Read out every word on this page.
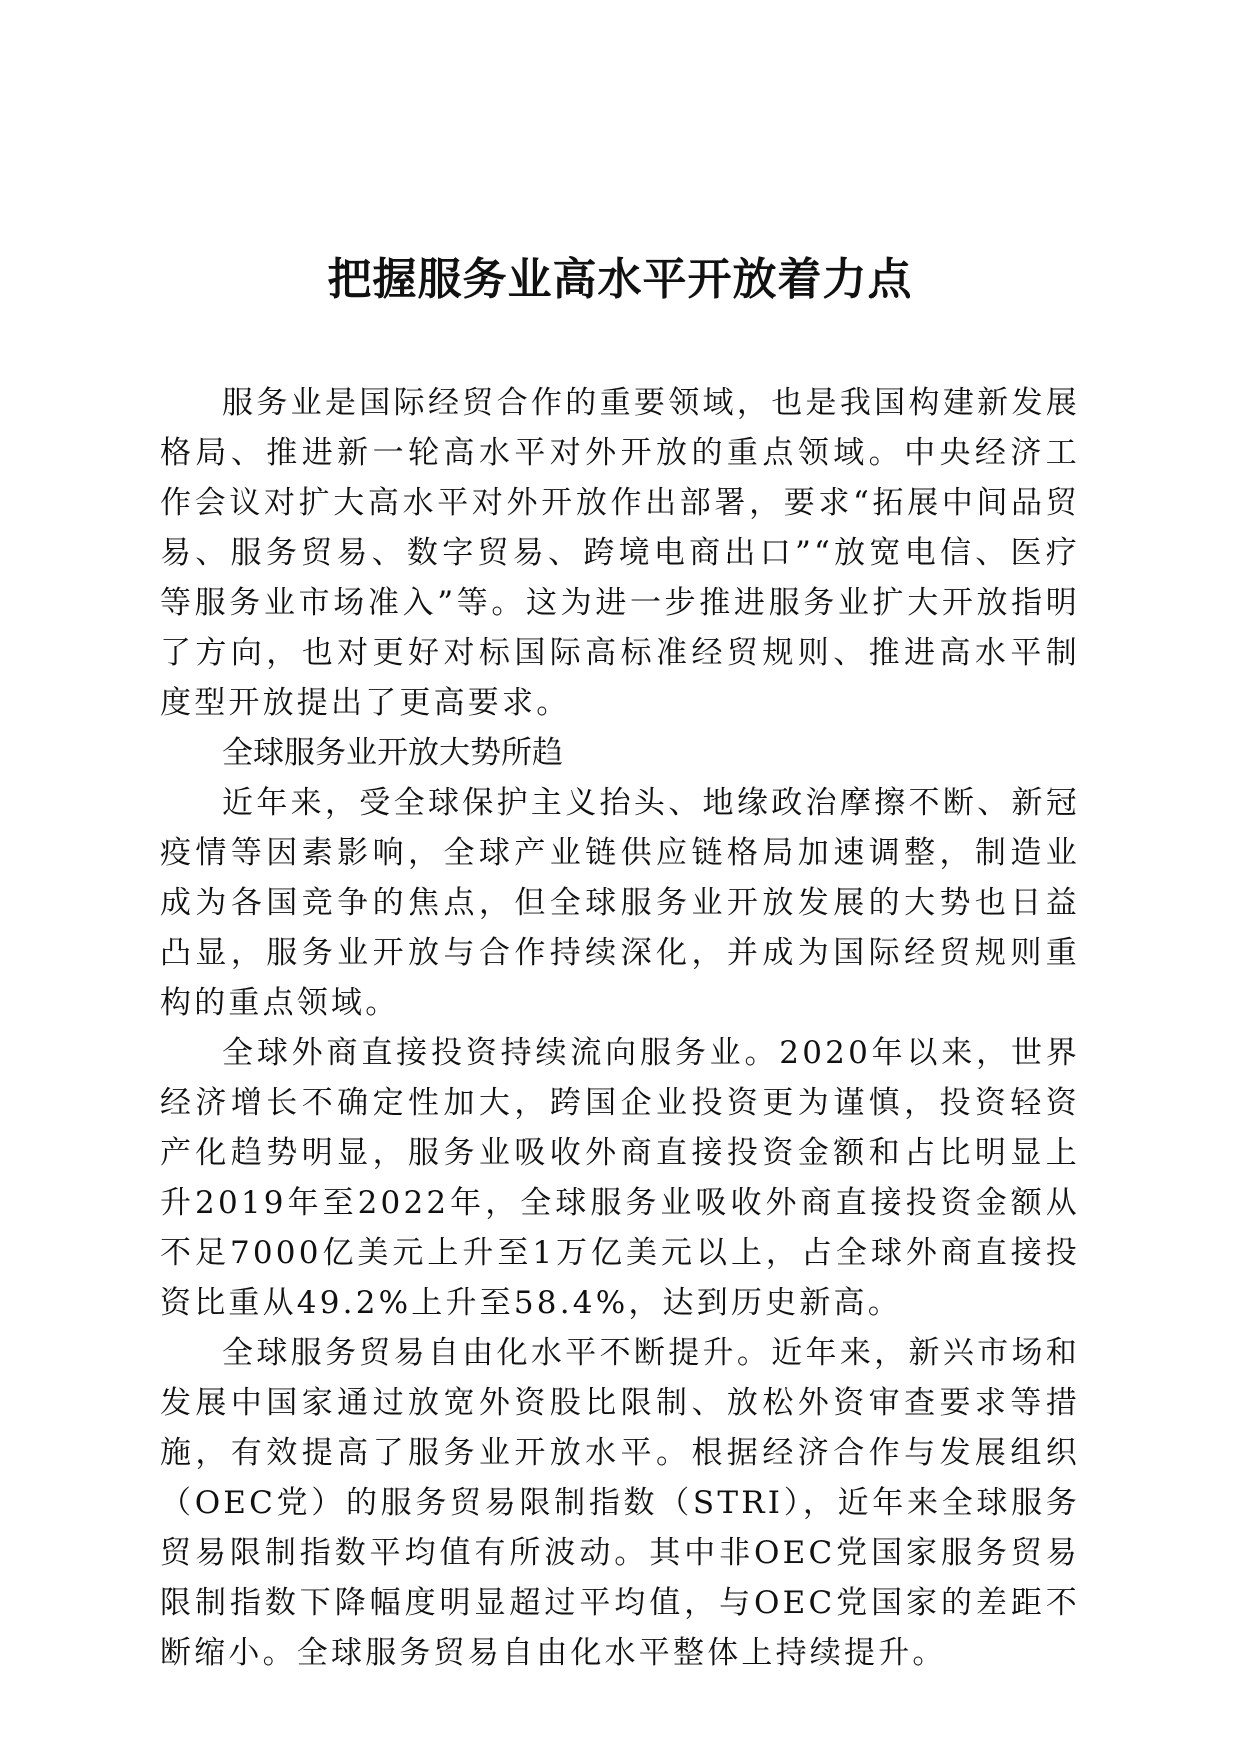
把握服务业高水平开放着力点

服务业是国际经贸合作的重要领域，也是我国构建新发展格局、推进新一轮高水平对外开放的重点领域。中央经济工作会议对扩大高水平对外开放作出部署，要求“拓展中间品贸易、服务贸易、数字贸易、跨境电商出口”“放宽电信、医疗等服务业市场准入”等。这为进一步推进服务业扩大开放指明了方向，也对更好对标国际高标准经贸规则、推进高水平制度型开放提出了更高要求。

全球服务业开放大势所趋

近年来，受全球保护主义抬头、地缘政治摩擦不断、新冠疫情等因素影响，全球产业链供应链格局加速调整，制造业成为各国竞争的焦点，但全球服务业开放发展的大势也日益凸显，服务业开放与合作持续深化，并成为国际经贸规则重构的重点领域。

全球外商直接投资持续流向服务业。2020年以来，世界经济增长不确定性加大，跨国企业投资更为谨慎，投资轻资产化趋势明显，服务业吸收外商直接投资金额和占比明显上升2019年至2022年，全球服务业吸收外商直接投资金额从不足7000亿美元上升至1万亿美元以上，占全球外商直接投资比重从49.2%上升至58.4%，达到历史新高。

全球服务贸易自由化水平不断提升。近年来，新兴市场和发展中国家通过放宽外资股比限制、放松外资审查要求等措施，有效提高了服务业开放水平。根据经济合作与发展组织（OEC党）的服务贸易限制指数（STRI），近年来全球服务贸易限制指数平均值有所波动。其中非OEC党国家服务贸易限制指数下降幅度明显超过平均值，与OEC党国家的差距不断缩小。全球服务贸易自由化水平整体上持续提升。
